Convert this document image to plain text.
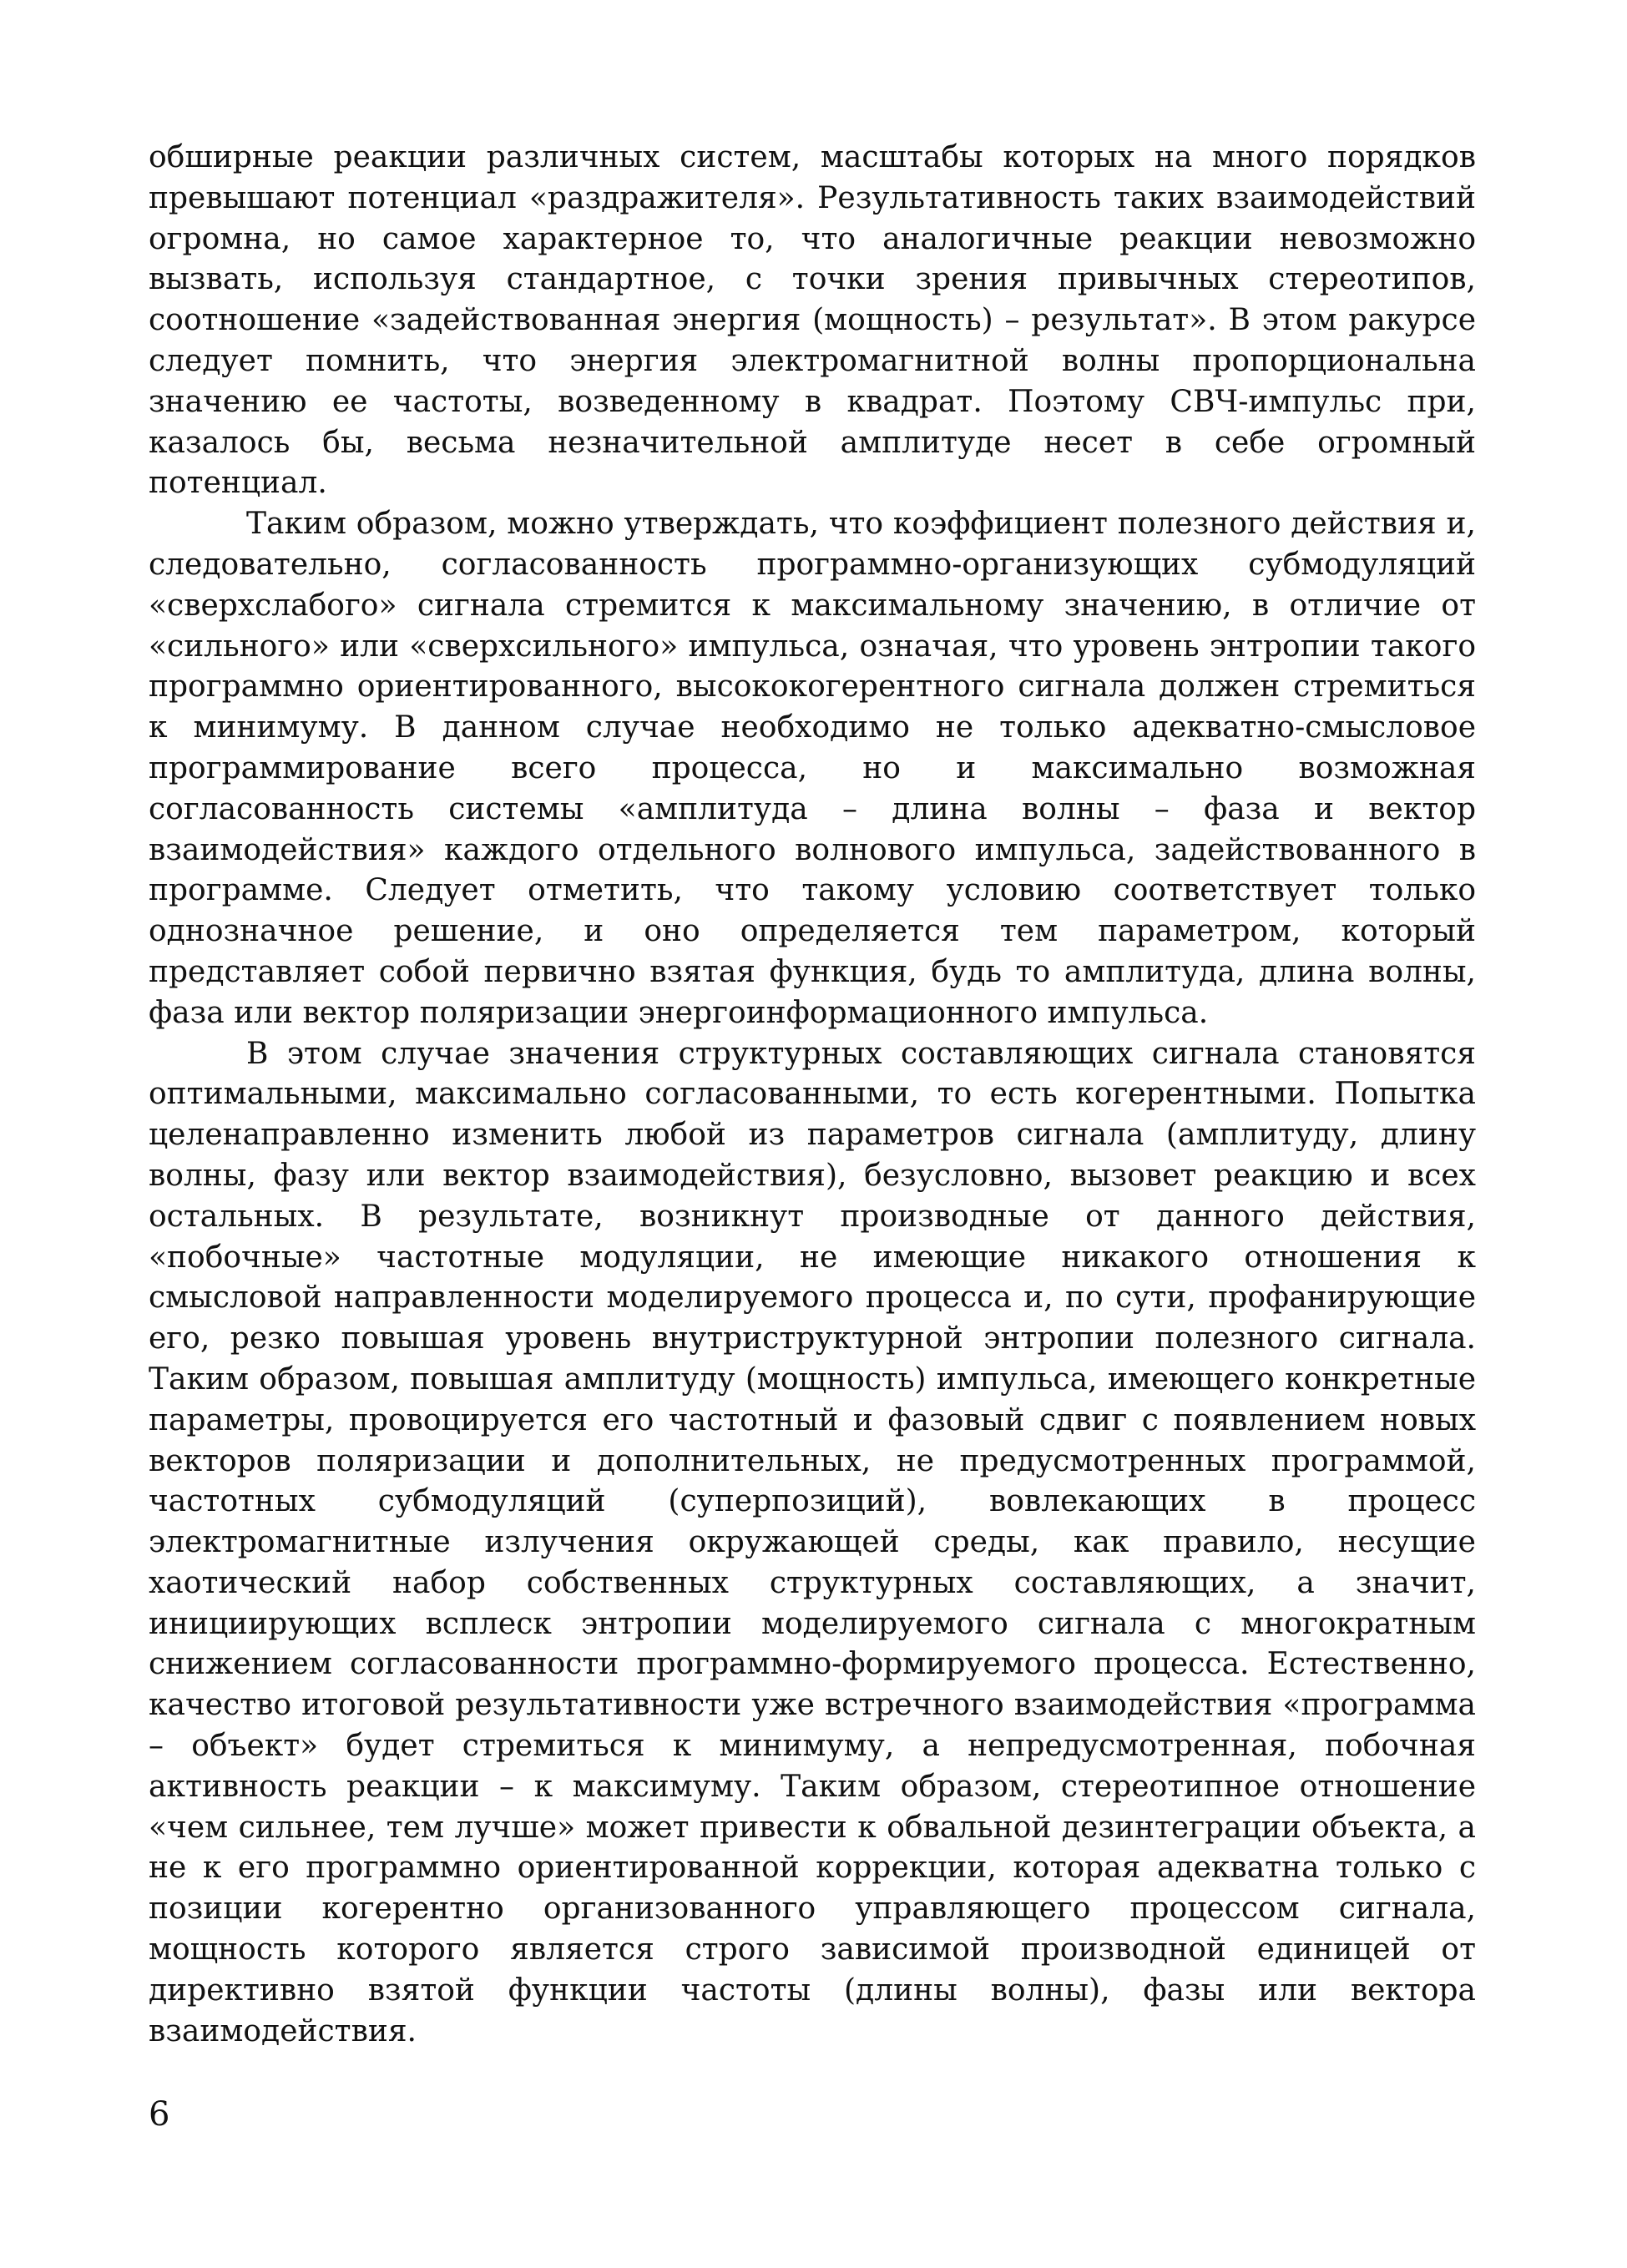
обширные реакции различных систем, масштабы которых на много порядков превышают потенциал «раздражителя». Результативность таких взаимодействий огромна, но самое характерное то, что аналогичные реакции невозможно вызвать, используя стандартное, с точки зрения привычных стереотипов, соотношение «задействованная энергия (мощность) – результат». В этом ракурсе следует помнить, что энергия электромагнитной волны пропорциональна значению ее частоты, возведенному в квадрат. Поэтому СВЧ-импульс при, казалось бы, весьма незначительной амплитуде несет в себе огромный потенциал.

Таким образом, можно утверждать, что коэффициент полезного действия и, следовательно, согласованность программно-организующих субмодуляций «сверхслабого» сигнала стремится к максимальному значению, в отличие от «сильного» или «сверхсильного» импульса, означая, что уровень энтропии такого программно ориентированного, высококогерентного сигнала должен стремиться к минимуму. В данном случае необходимо не только адекватно-смысловое программирование всего процесса, но и максимально возможная согласованность системы «амплитуда – длина волны – фаза и вектор взаимодействия» каждого отдельного волнового импульса, задействованного в программе. Следует отметить, что такому условию соответствует только однозначное решение, и оно определяется тем параметром, который представляет собой первично взятая функция, будь то амплитуда, длина волны, фаза или вектор поляризации энергоинформационного импульса.

В этом случае значения структурных составляющих сигнала становятся оптимальными, максимально согласованными, то есть когерентными. Попытка целенаправленно изменить любой из параметров сигнала (амплитуду, длину волны, фазу или вектор взаимодействия), безусловно, вызовет реакцию и всех остальных. В результате, возникнут производные от данного действия, «побочные» частотные модуляции, не имеющие никакого отношения к смысловой направленности моделируемого процесса и, по сути, профанирующие его, резко повышая уровень внутриструктурной энтропии полезного сигнала. Таким образом, повышая амплитуду (мощность) импульса, имеющего конкретные параметры, провоцируется его частотный и фазовый сдвиг с появлением новых векторов поляризации и дополнительных, не предусмотренных программой, частотных субмодуляций (суперпозиций), вовлекающих в процесс электромагнитные излучения окружающей среды, как правило, несущие хаотический набор собственных структурных составляющих, а значит, инициирующих всплеск энтропии моделируемого сигнала с многократным снижением согласованности программно-формируемого процесса. Естественно, качество итоговой результативности уже встречного взаимодействия «программа – объект» будет стремиться к минимуму, а непредусмотренная, побочная активность реакции – к максимуму. Таким образом, стереотипное отношение «чем сильнее, тем лучше» может привести к обвальной дезинтеграции объекта, а не к его программно ориентированной коррекции, которая адекватна только с позиции когерентно организованного управляющего процессом сигнала, мощность которого является строго зависимой производной единицей от директивно взятой функции частоты (длины волны), фазы или вектора взаимодействия.

6
